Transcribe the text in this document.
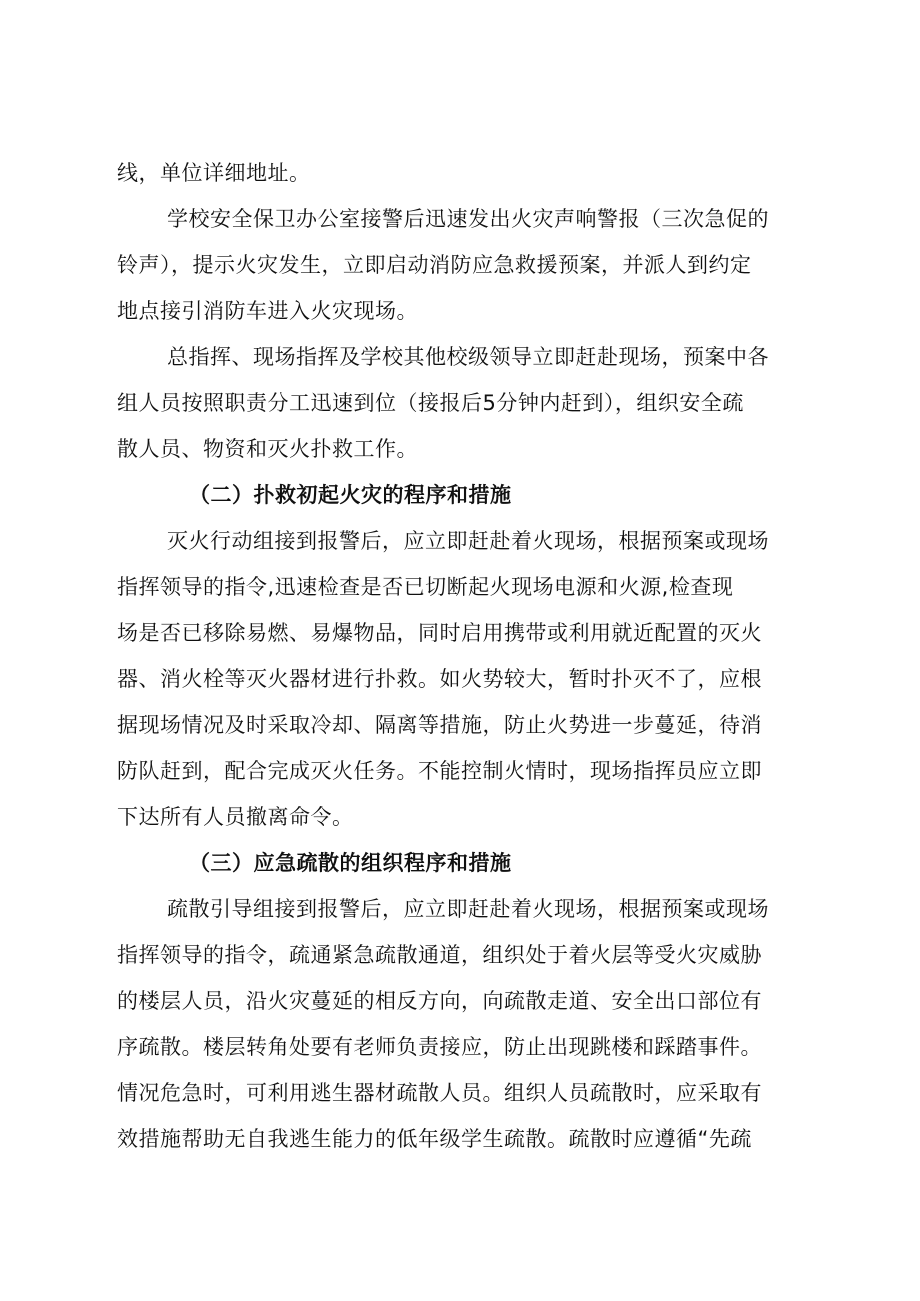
线，单位详细地址。
学校安全保卫办公室接警后迅速发出火灾声响警报（三次急促的
铃声），提示火灾发生，立即启动消防应急救援预案，并派人到约定
地点接引消防车进入火灾现场。
总指挥、现场指挥及学校其他校级领导立即赶赴现场，预案中各
组人员按照职责分工迅速到位（接报后5分钟内赶到），组织安全疏
散人员、物资和灭火扑救工作。
（二）扑救初起火灾的程序和措施
灭火行动组接到报警后，应立即赶赴着火现场，根据预案或现场
指挥领导的指令,迅速检查是否已切断起火现场电源和火源,检查现
场是否已移除易燃、易爆物品，同时启用携带或利用就近配置的灭火
器、消火栓等灭火器材进行扑救。如火势较大，暂时扑灭不了，应根
据现场情况及时采取冷却、隔离等措施，防止火势进一步蔓延，待消
防队赶到，配合完成灭火任务。不能控制火情时，现场指挥员应立即
下达所有人员撤离命令。
（三）应急疏散的组织程序和措施
疏散引导组接到报警后，应立即赶赴着火现场，根据预案或现场
指挥领导的指令，疏通紧急疏散通道，组织处于着火层等受火灾威胁
的楼层人员，沿火灾蔓延的相反方向，向疏散走道、安全出口部位有
序疏散。楼层转角处要有老师负责接应，防止出现跳楼和踩踏事件。
情况危急时，可利用逃生器材疏散人员。组织人员疏散时，应采取有
效措施帮助无自我逃生能力的低年级学生疏散。疏散时应遵循“先疏
